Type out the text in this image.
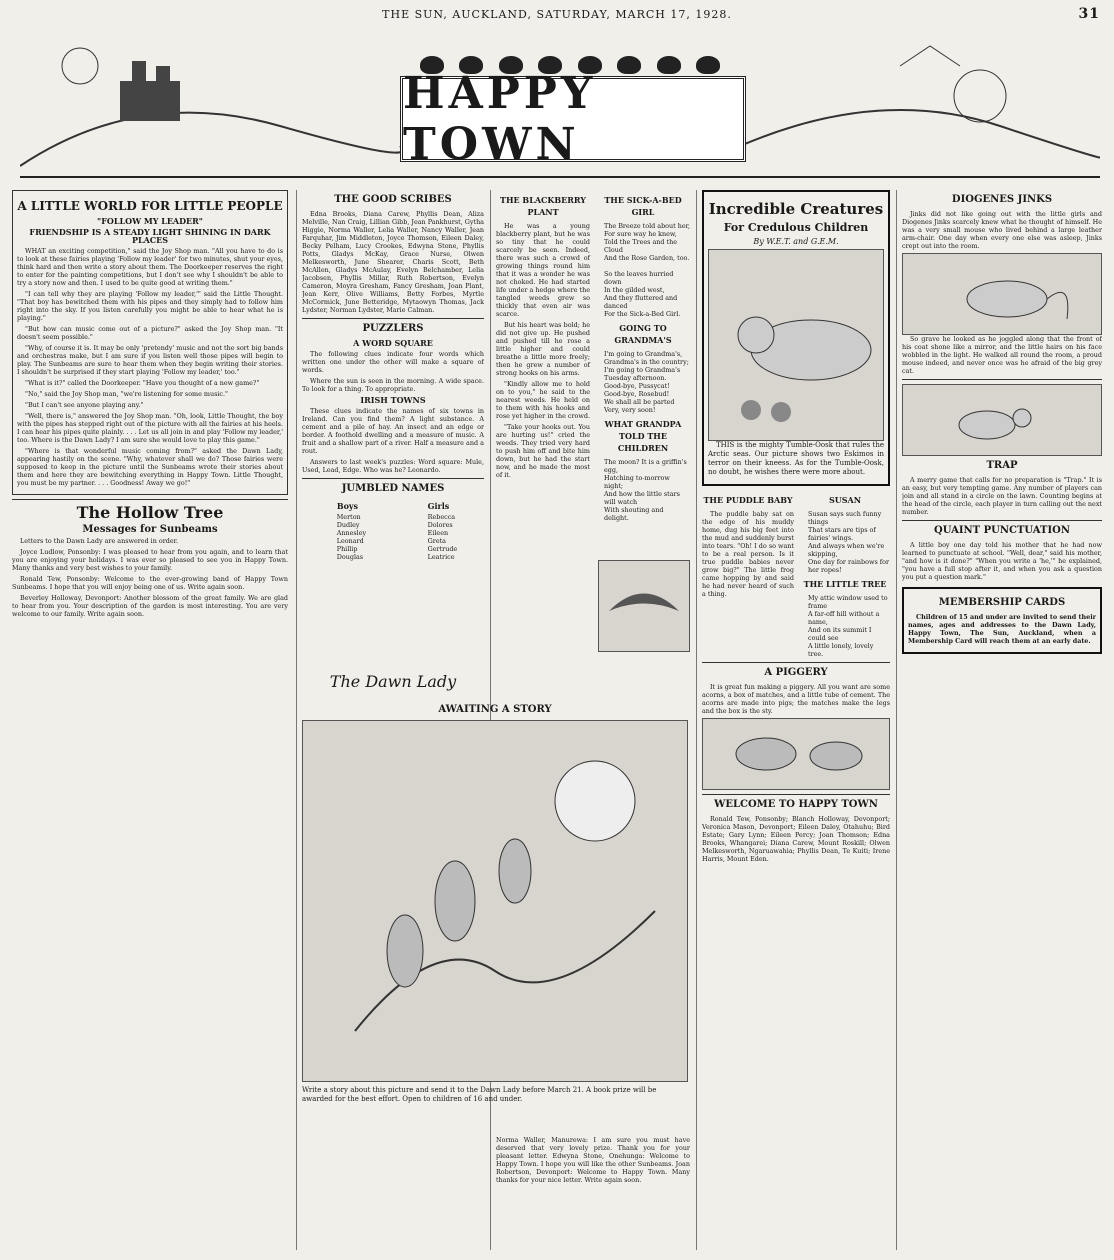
THE SUN, AUCKLAND, SATURDAY, MARCH 17, 1928.	31
HAPPY TOWN
A LITTLE WORLD FOR LITTLE PEOPLE
"FOLLOW MY LEADER"
FRIENDSHIP IS A STEADY LIGHT SHINING IN DARK PLACES

WHAT an exciting competition," said the Joy Shop man. "All you have to do is to look at these fairies playing 'Follow my leader' for two minutes, shut your eyes, think hard and then write a story about them. The Doorkeeper reserves the right to enter for the painting competitions, but I don't see why I shouldn't be able to try a story now and then. I used to be quite good at writing them."

"I can tell why they are playing 'Follow my leader,'" said the Little Thought. "That boy has bewitched them with his pipes and they simply had to follow him right into the sky. If you listen carefully you might be able to hear what he is playing."

"But how can music come out of a picture?" asked the Joy Shop man. "It doesn't seem possible."

"Why, of course it is. It may be only 'pretendy' music and not the sort big bands and orchestras make, but I am sure if you listen well those pipes will begin to play. The Sunbeams are sure to hear them when they begin writing their stories. I shouldn't be surprised if they start playing 'Follow my leader,' too."

"What is it?" called the Doorkeeper. "Have you thought of a new game?"

"No," said the Joy Shop man, "we're listening for some music."

"But I can't see anyone playing any."

"Well, there is," answered the Joy Shop man. "Oh, look, Little Thought, the boy with the pipes has stepped right out of the picture with all the fairies at his heels. I can hear his pipes quite plainly. . . . Let us all join in and play 'Follow my leader,' too. Where is the Dawn Lady? I am sure she would love to play this game."

"Where is that wonderful music coming from?" asked the Dawn Lady, appearing hastily on the scene. "Why, whatever shall we do? Those fairies were supposed to keep in the picture until the Sunbeams wrote their stories about them and here they are bewitching everything in Happy Town. Little Thought, you must be my partner. . . . Goodness! Away we go!"

The Hollow Tree
Messages for Sunbeams

Letters to the Dawn Lady are answered in order.

Joyce Ludlow, Ponsonby: I was pleased to hear from you again, and to learn that you are enjoying your holidays. I was ever so pleased to see you in Happy Town. Many thanks and very best wishes to your family.

Ronald Tew, Ponsonby: Welcome to the ever-growing band of Happy Town Sunbeams. I hope that you will enjoy being one of us. Write again soon.

Beverley Holloway, Devonport: Another blossom of the great family. We are glad to hear from you. Your description of the garden is most interesting. You are very welcome to our family. Write again soon.

THE GOOD SCRIBES

Edna Brooks, Diana Carew, Phyllis Dean, Aliza Melville, Nan Craig, Lillian Gibb, Jean Pankhurst, Gytha Higgie, Norma Waller, Lelia Waller, Nancy Waller, Jean Farquhar, Jim Middleton, Joyce Thomson, Eileen Daley, Becky Pelham, Lucy Crookes, Edwyna Stone, Phyllis Potts, Gladys McKay, Grace Nurse, Olwen Melkesworth, June Shearer, Charis Scott, Beth McAllen, Gladys McAulay, Evelyn Belchamber, Lelia Jacobsen, Phyllis Millar, Ruth Robertson, Evelyn Cameron, Moyra Gresham, Fancy Gresham, Joan Plant, Jean Kerr, Olive Williams, Betty Forbes, Myrtle McCormick, June Betteridge, Mytaowyn Thomas, Jack Lydster, Norman Lydster, Marie Calman.

PUZZLERS
A WORD SQUARE

The following clues indicate four words which written one under the other will make a square of words.

Where the sun is seen in the morning. A wide space. To look for a thing. To appropriate.

IRISH TOWNS

These clues indicate the names of six towns in Ireland. Can you find them? A light substance. A cement and a pile of hay. An insect and an edge or border. A foothold dwelling and a measure of music. A fruit and a shallow part of a river. Half a measure and a rout.

Answers to last week's puzzles: Word square: Mule, Used, Lead, Edge. Who was he? Leonardo.

JUMBLED NAMES
Boys
Merton
Dudley
Annesley
Leonard
Phillip
Douglas
Girls
Rebecca
Dolores
Eileen
Greta
Gertrude
Leatrice
The Dawn Lady
AWAITING A STORY

Write a story about this picture and send it to the Dawn Lady before March 21. A book prize will be awarded for the best effort. Open to children of 16 and under.

THE BLACKBERRY PLANT

He was a young blackberry plant, but he was so tiny that he could scarcely be seen. Indeed, there was such a crowd of growing things round him that it was a wonder he was not choked. He had started life under a hedge where the tangled weeds grew so thickly that even air was scarce.

But his heart was bold; he did not give up. He pushed and pushed till he rose a little higher and could breathe a little more freely; then he grew a number of strong hooks on his arms.

"Kindly allow me to hold on to you," he said to the nearest weeds. He held on to them with his hooks and rose yet higher in the crowd.

"Take your hooks out. You are hurting us!" cried the weeds. They tried very hard to push him off and bite him down, but he had the start now, and he made the most of it.

THE SICK-A-BED GIRL
The Breeze told about her,
For sure way he knew,
Told the Trees and the Cloud
And the Rose Garden, too.

So the leaves hurried down
In the gilded west,
And they fluttered and danced
For the Sick-a-Bed Girl.
GOING TO GRANDMA'S
I'm going to Grandma's,
Grandma's in the country;
I'm going to Grandma's
Tuesday afternoon.
Good-bye, Pussycat!
Good-bye, Rosebud!
We shall all be parted
Very, very soon!
WHAT GRANDPA TOLD THE CHILDREN
The moon? It is a griffin's egg,
Hatching to-morrow night;
And how the little stars will watch
With shouting and delight.

Norma Waller, Manurewa: I am sure you must have deserved that very lovely prize. Thank you for your pleasant letter. Edwyna Stone, Onehunga: Welcome to Happy Town. I hope you will like the other Sunbeams. Joan Robertson, Devonport: Welcome to Happy Town. Many thanks for your nice letter. Write again soon.

Incredible Creatures
For Credulous Children
By W.E.T. and G.E.M.

THIS is the mighty Tumble-Oosk that rules the Arctic seas. Our picture shows two Eskimos in terror on their kneess. As for the Tumble-Oosk, no doubt, he wishes there were more about.

THE PUDDLE BABY

The puddle baby sat on the edge of his muddy home, dug his big feet into the mud and suddenly burst into tears. "Oh! I do so want to be a real person. Is it true puddle babies never grow big?" The little frog came hopping by and said he had never heard of such a thing.

SUSAN
Susan says such funny things
That stars are tips of fairies' wings.
And always when we're skipping,
One day for rainbows for her ropes!
THE LITTLE TREE
My attic window used to frame
A far-off hill without a name,
And on its summit I could see
A little lonely, lovely tree.
A PIGGERY

It is great fun making a piggery. All you want are some acorns, a box of matches, and a little tube of cement. The acorns are made into pigs; the matches make the legs and the box is the sty.

WELCOME TO HAPPY TOWN

Ronald Tew, Ponsonby; Blanch Holloway, Devonport; Veronica Mason, Devonport; Eileen Daley, Otahuhu; Bird Estate; Gary Lynn; Eileen Percy; Joan Thomson; Edna Brooks, Whangarei; Diana Carew, Mount Roskill; Olwen Melkesworth, Ngaruawahia; Phyllis Dean, Te Kuiti; Irene Harris, Mount Eden.

DIOGENES JINKS

Jinks did not like going out with the little girls and Diogenes Jinks scarcely knew what he thought of himself. He was a very small mouse who lived behind a large leather arm-chair. One day when every one else was asleep, Jinks crept out into the room.

So grave he looked as he joggled along that the front of his coat shone like a mirror, and the little hairs on his face wobbled in the light. He walked all round the room, a proud mouse indeed, and never once was he afraid of the big grey cat.

TRAP

A merry game that calls for no preparation is "Trap." It is an easy, but very tempting game. Any number of players can join and all stand in a circle on the lawn. Counting begins at the head of the circle, each player in turn calling out the next number.

QUAINT PUNCTUATION

A little boy one day told his mother that he had now learned to punctuate at school. "Well, dear," said his mother, "and how is it done?" "When you write a 'he,'" he explained, "you have a full stop after it, and when you ask a question you put a question mark."

MEMBERSHIP CARDS

Children of 15 and under are invited to send their names, ages and addresses to the Dawn Lady, Happy Town, The Sun, Auckland, when a Membership Card will reach them at an early date.
